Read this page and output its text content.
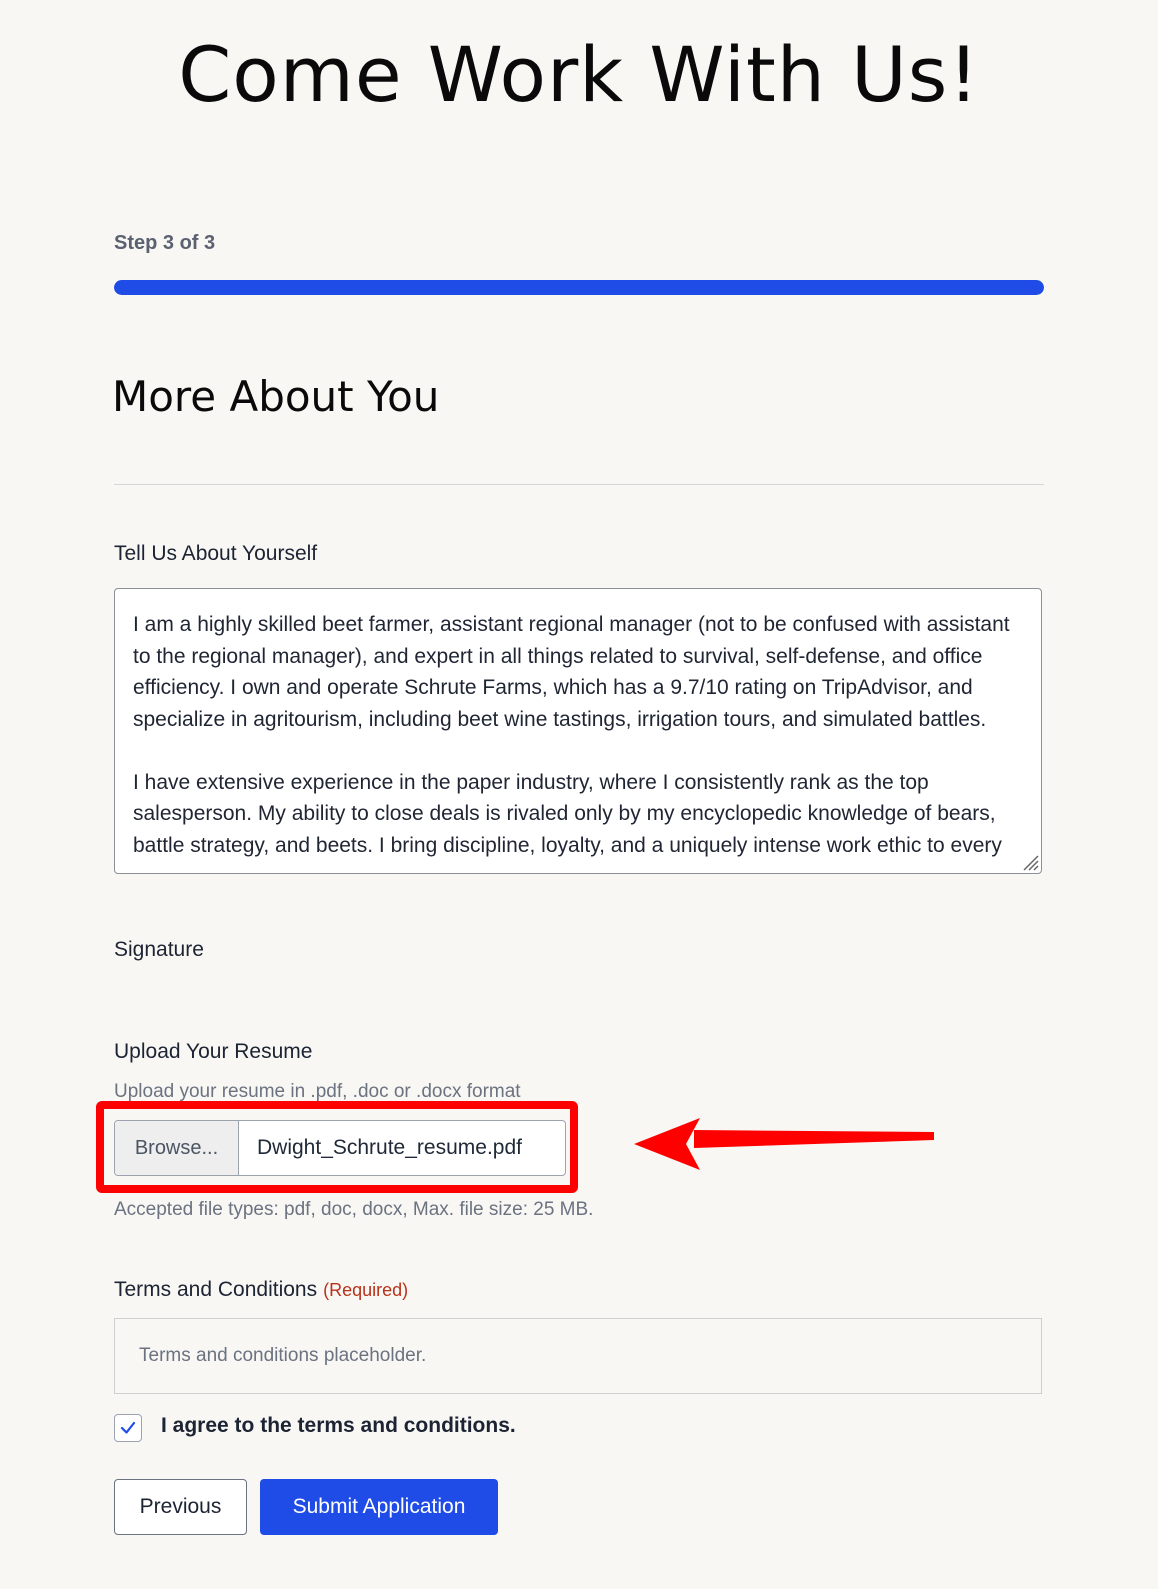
Come Work With Us!
Step 3 of 3
More About You
Tell Us About Yourself
I am a highly skilled beet farmer, assistant regional manager (not to be confused with assistant to the regional manager), and expert in all things related to survival, self-defense, and office efficiency. I own and operate Schrute Farms, which has a 9.7/10 rating on TripAdvisor, and specialize in agritourism, including beet wine tastings, irrigation tours, and simulated battles.

I have extensive experience in the paper industry, where I consistently rank as the top salesperson. My ability to close deals is rivaled only by my encyclopedic knowledge of bears, battle strategy, and beets. I bring discipline, loyalty, and a uniquely intense work ethic to every
Signature
Upload Your Resume
Upload your resume in .pdf, .doc or .docx format
Browse...	Dwight_Schrute_resume.pdf
Accepted file types: pdf, doc, docx, Max. file size: 25 MB.
Terms and Conditions (Required)
Terms and conditions placeholder.
I agree to the terms and conditions.
Previous	Submit Application
